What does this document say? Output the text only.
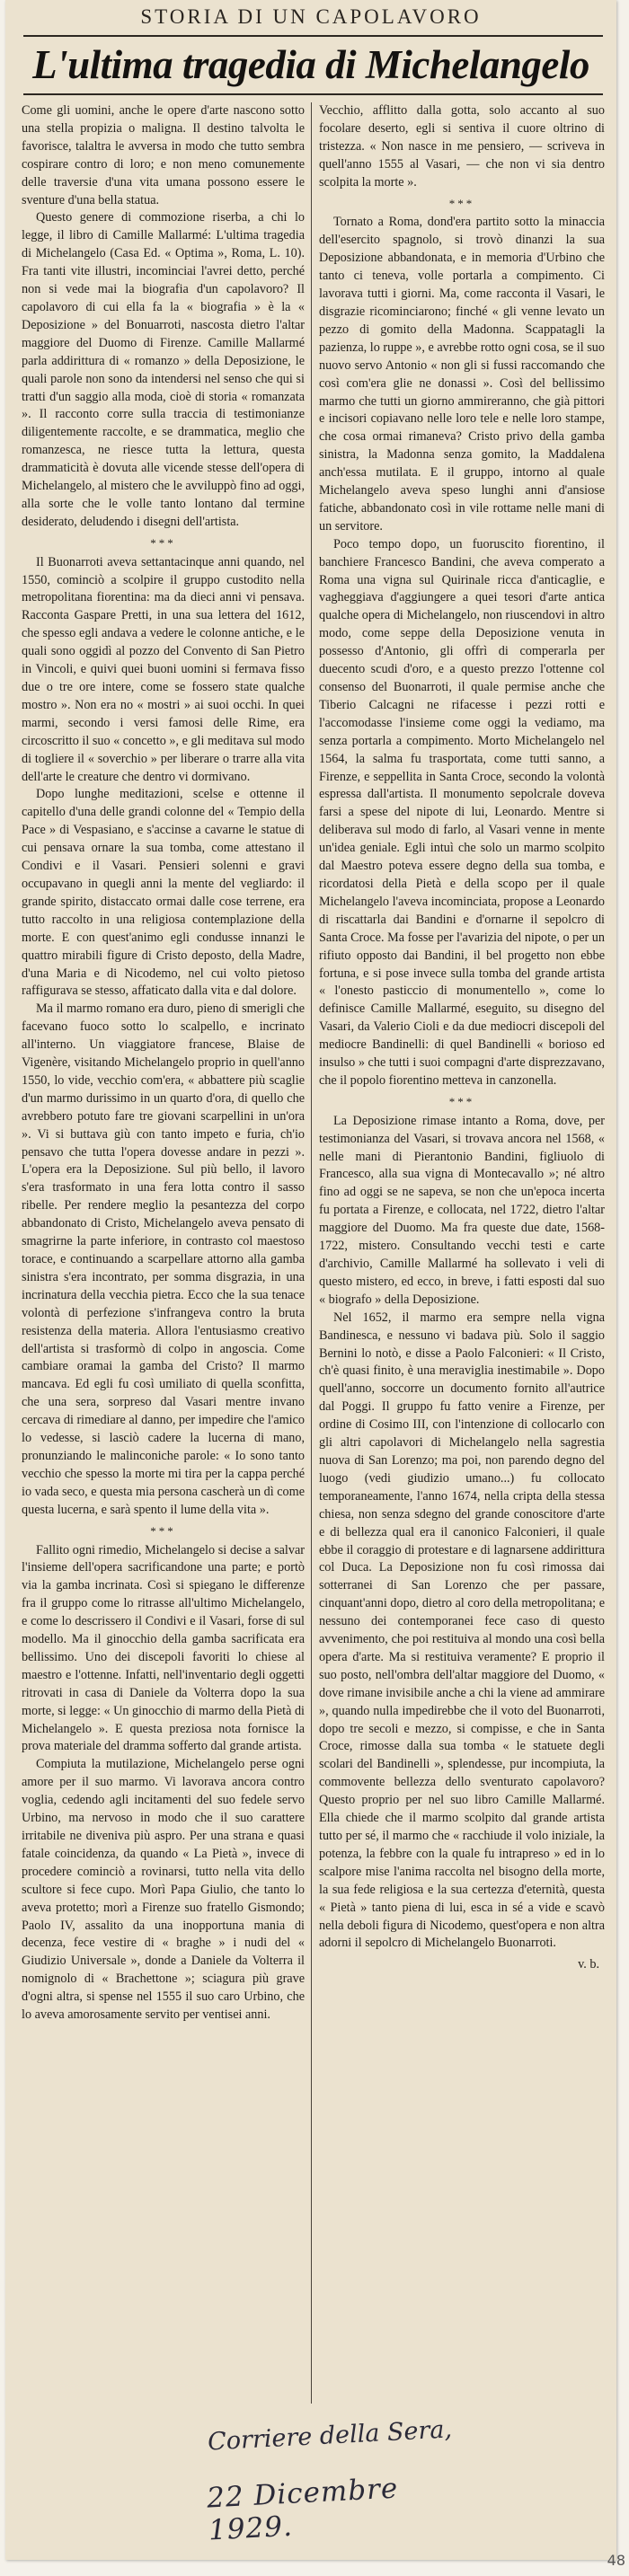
STORIA DI UN CAPOLAVORO
L'ultima tragedia di Michelangelo

Come gli uomini, anche le opere d'arte nascono sotto una stella propizia o maligna. Il destino talvolta le favorisce, talaltra le avversa in modo che tutto sembra cospirare contro di loro; e non meno comunemente delle traversie d'una vita umana possono essere le sventure d'una bella statua.

Questo genere di commozione riserba, a chi lo legge, il libro di Camille Mallarmé: L'ultima tragedia di Michelangelo (Casa Ed. « Optima », Roma, L. 10). Fra tanti vite illustri, incominciai l'avrei detto, perché non si vede mai la biografia d'un capolavoro? Il capolavoro di cui ella fa la « biografia » è la « Deposizione » del Bonuarroti, nascosta dietro l'altar maggiore del Duomo di Firenze. Camille Mallarmé parla addirittura di « romanzo » della Deposizione, le quali parole non sono da intendersi nel senso che qui si tratti d'un saggio alla moda, cioè di storia « romanzata ». Il racconto corre sulla traccia di testimonianze diligentemente raccolte, e se drammatica, meglio che romanzesca, ne riesce tutta la lettura, questa drammaticità è dovuta alle vicende stesse dell'opera di Michelangelo, al mistero che le avviluppò fino ad oggi, alla sorte che le volle tanto lontano dal termine desiderato, deludendo i disegni dell'artista.

***

Il Buonarroti aveva settantacinque anni quando, nel 1550, cominciò a scolpire il gruppo custodito nella metropolitana fiorentina: ma da dieci anni vi pensava. Racconta Gaspare Pretti, in una sua lettera del 1612, che spesso egli andava a vedere le colonne antiche, e le quali sono oggidì al pozzo del Convento di San Pietro in Vincoli, e quivi quei buoni uomini si fermava fisso due o tre ore intere, come se fossero state qualche mostro ». Non era no « mostri » ai suoi occhi. In quei marmi, secondo i versi famosi delle Rime, era circoscritto il suo « concetto », e gli meditava sul modo di togliere il « soverchio » per liberare o trarre alla vita dell'arte le creature che dentro vi dormivano.

Dopo lunghe meditazioni, scelse e ottenne il capitello d'una delle grandi colonne del « Tempio della Pace » di Vespasiano, e s'accinse a cavarne le statue di cui pensava ornare la sua tomba, come attestano il Condivi e il Vasari. Pensieri solenni e gravi occupavano in quegli anni la mente del vegliardo: il grande spirito, distaccato ormai dalle cose terrene, era tutto raccolto in una religiosa contemplazione della morte. E con quest'animo egli condusse innanzi le quattro mirabili figure di Cristo deposto, della Madre, d'una Maria e di Nicodemo, nel cui volto pietoso raffigurava se stesso, affaticato dalla vita e dal dolore.

Ma il marmo romano era duro, pieno di smerigli che facevano fuoco sotto lo scalpello, e incrinato all'interno. Un viaggiatore francese, Blaise de Vigenère, visitando Michelangelo proprio in quell'anno 1550, lo vide, vecchio com'era, « abbattere più scaglie d'un marmo durissimo in un quarto d'ora, di quello che avrebbero potuto fare tre giovani scarpellini in un'ora ». Vi si buttava giù con tanto impeto e furia, ch'io pensavo che tutta l'opera dovesse andare in pezzi ». L'opera era la Deposizione. Sul più bello, il lavoro s'era trasformato in una fera lotta contro il sasso ribelle. Per rendere meglio la pesantezza del corpo abbandonato di Cristo, Michelangelo aveva pensato di smagrirne la parte inferiore, in contrasto col maestoso torace, e continuando a scarpellare attorno alla gamba sinistra s'era incontrato, per somma disgrazia, in una incrinatura della vecchia pietra. Ecco che la sua tenace volontà di perfezione s'infrangeva contro la bruta resistenza della materia. Allora l'entusiasmo creativo dell'artista si trasformò di colpo in angoscia. Come cambiare oramai la gamba del Cristo? Il marmo mancava. Ed egli fu così umiliato di quella sconfitta, che una sera, sorpreso dal Vasari mentre invano cercava di rimediare al danno, per impedire che l'amico lo vedesse, si lasciò cadere la lucerna di mano, pronunziando le malinconiche parole: « Io sono tanto vecchio che spesso la morte mi tira per la cappa perché io vada seco, e questa mia persona cascherà un dì come questa lucerna, e sarà spento il lume della vita ».

***

Fallito ogni rimedio, Michelangelo si decise a salvar l'insieme dell'opera sacrificandone una parte; e portò via la gamba incrinata. Così si spiegano le differenze fra il gruppo come lo ritrasse all'ultimo Michelangelo, e come lo descrissero il Condivi e il Vasari, forse di sul modello. Ma il ginocchio della gamba sacrificata era bellissimo. Uno dei discepoli favoriti lo chiese al maestro e l'ottenne. Infatti, nell'inventario degli oggetti ritrovati in casa di Daniele da Volterra dopo la sua morte, si legge: « Un ginocchio di marmo della Pietà di Michelangelo ». E questa preziosa nota fornisce la prova materiale del dramma sofferto dal grande artista.

Compiuta la mutilazione, Michelangelo perse ogni amore per il suo marmo. Vi lavorava ancora contro voglia, cedendo agli incitamenti del suo fedele servo Urbino, ma nervoso in modo che il suo carattere irritabile ne diveniva più aspro. Per una strana e quasi fatale coincidenza, da quando « La Pietà », invece di procedere cominciò a rovinarsi, tutto nella vita dello scultore si fece cupo. Morì Papa Giulio, che tanto lo aveva protetto; morì a Firenze suo fratello Gismondo; Paolo IV, assalito da una inopportuna mania di decenza, fece vestire di « braghe » i nudi del « Giudizio Universale », donde a Daniele da Volterra il nomignolo di « Brachettone »; sciagura più grave d'ogni altra, si spense nel 1555 il suo caro Urbino, che lo aveva amorosamente servito per ventisei anni.

Vecchio, afflitto dalla gotta, solo accanto al suo focolare deserto, egli si sentiva il cuore oltrino di tristezza. « Non nasce in me pensiero, — scriveva in quell'anno 1555 al Vasari, — che non vi sia dentro scolpita la morte ».

***

Tornato a Roma, dond'era partito sotto la minaccia dell'esercito spagnolo, si trovò dinanzi la sua Deposizione abbandonata, e in memoria d'Urbino che tanto ci teneva, volle portarla a compimento. Ci lavorava tutti i giorni. Ma, come racconta il Vasari, le disgrazie ricominciarono; finché « gli venne levato un pezzo di gomito della Madonna. Scappatagli la pazienza, lo ruppe », e avrebbe rotto ogni cosa, se il suo nuovo servo Antonio « non gli si fussi raccomando che così com'era glie ne donassi ». Così del bellissimo marmo che tutti un giorno ammireranno, che già pittori e incisori copiavano nelle loro tele e nelle loro stampe, che cosa ormai rimaneva? Cristo privo della gamba sinistra, la Madonna senza gomito, la Maddalena anch'essa mutilata. E il gruppo, intorno al quale Michelangelo aveva speso lunghi anni d'ansiose fatiche, abbandonato così in vile rottame nelle mani di un servitore.

Poco tempo dopo, un fuoruscito fiorentino, il banchiere Francesco Bandini, che aveva comperato a Roma una vigna sul Quirinale ricca d'anticaglie, e vagheggiava d'aggiungere a quei tesori d'arte antica qualche opera di Michelangelo, non riuscendovi in altro modo, come seppe della Deposizione venuta in possesso d'Antonio, gli offrì di comperarla per duecento scudi d'oro, e a questo prezzo l'ottenne col consenso del Buonarroti, il quale permise anche che Tiberio Calcagni ne rifacesse i pezzi rotti e l'accomodasse l'insieme come oggi la vediamo, ma senza portarla a compimento. Morto Michelangelo nel 1564, la salma fu trasportata, come tutti sanno, a Firenze, e seppellita in Santa Croce, secondo la volontà espressa dall'artista. Il monumento sepolcrale doveva farsi a spese del nipote di lui, Leonardo. Mentre si deliberava sul modo di farlo, al Vasari venne in mente un'idea geniale. Egli intuì che solo un marmo scolpito dal Maestro poteva essere degno della sua tomba, e ricordatosi della Pietà e della scopo per il quale Michelangelo l'aveva incominciata, propose a Leonardo di riscattarla dai Bandini e d'ornarne il sepolcro di Santa Croce. Ma fosse per l'avarizia del nipote, o per un rifiuto opposto dai Bandini, il bel progetto non ebbe fortuna, e si pose invece sulla tomba del grande artista « l'onesto pasticcio di monumentello », come lo definisce Camille Mallarmé, eseguito, su disegno del Vasari, da Valerio Cioli e da due mediocri discepoli del mediocre Bandinelli: di quel Bandinelli « borioso ed insulso » che tutti i suoi compagni d'arte disprezzavano, che il popolo fiorentino metteva in canzonella.

***

La Deposizione rimase intanto a Roma, dove, per testimonianza del Vasari, si trovava ancora nel 1568, « nelle mani di Pierantonio Bandini, figliuolo di Francesco, alla sua vigna di Montecavallo »; né altro fino ad oggi se ne sapeva, se non che un'epoca incerta fu portata a Firenze, e collocata, nel 1722, dietro l'altar maggiore del Duomo. Ma fra queste due date, 1568-1722, mistero. Consultando vecchi testi e carte d'archivio, Camille Mallarmé ha sollevato i veli di questo mistero, ed ecco, in breve, i fatti esposti dal suo « biografo » della Deposizione.

Nel 1652, il marmo era sempre nella vigna Bandinesca, e nessuno vi badava più. Solo il saggio Bernini lo notò, e disse a Paolo Falconieri: « Il Cristo, ch'è quasi finito, è una meraviglia inestimabile ». Dopo quell'anno, soccorre un documento fornito all'autrice dal Poggi. Il gruppo fu fatto venire a Firenze, per ordine di Cosimo III, con l'intenzione di collocarlo con gli altri capolavori di Michelangelo nella sagrestia nuova di San Lorenzo; ma poi, non parendo degno del luogo (vedi giudizio umano...) fu collocato temporaneamente, l'anno 1674, nella cripta della stessa chiesa, non senza sdegno del grande conoscitore d'arte e di bellezza qual era il canonico Falconieri, il quale ebbe il coraggio di protestare e di lagnarsene addirittura col Duca. La Deposizione non fu così rimossa dai sotterranei di San Lorenzo che per passare, cinquant'anni dopo, dietro al coro della metropolitana; e nessuno dei contemporanei fece caso di questo avvenimento, che poi restituiva al mondo una così bella opera d'arte. Ma si restituiva veramente? E proprio il suo posto, nell'ombra dell'altar maggiore del Duomo, « dove rimane invisibile anche a chi la viene ad ammirare », quando nulla impedirebbe che il voto del Buonarroti, dopo tre secoli e mezzo, si compisse, e che in Santa Croce, rimosse dalla sua tomba « le statuete degli scolari del Bandinelli », splendesse, pur incompiuta, la commovente bellezza dello sventurato capolavoro? Questo proprio per nel suo libro Camille Mallarmé. Ella chiede che il marmo scolpito dal grande artista tutto per sé, il marmo che « racchiude il volo iniziale, la potenza, la febbre con la quale fu intrapreso » ed in lo scalpore mise l'anima raccolta nel bisogno della morte, la sua fede religiosa e la sua certezza d'eternità, questa « Pietà » tanto piena di lui, esca in sé a vide e scavò nella deboli figura di Nicodemo, quest'opera e non altra adorni il sepolcro di Michelangelo Buonarroti.

v. b.

Corriere della Sera,
22 Dicembre 1929.
48
